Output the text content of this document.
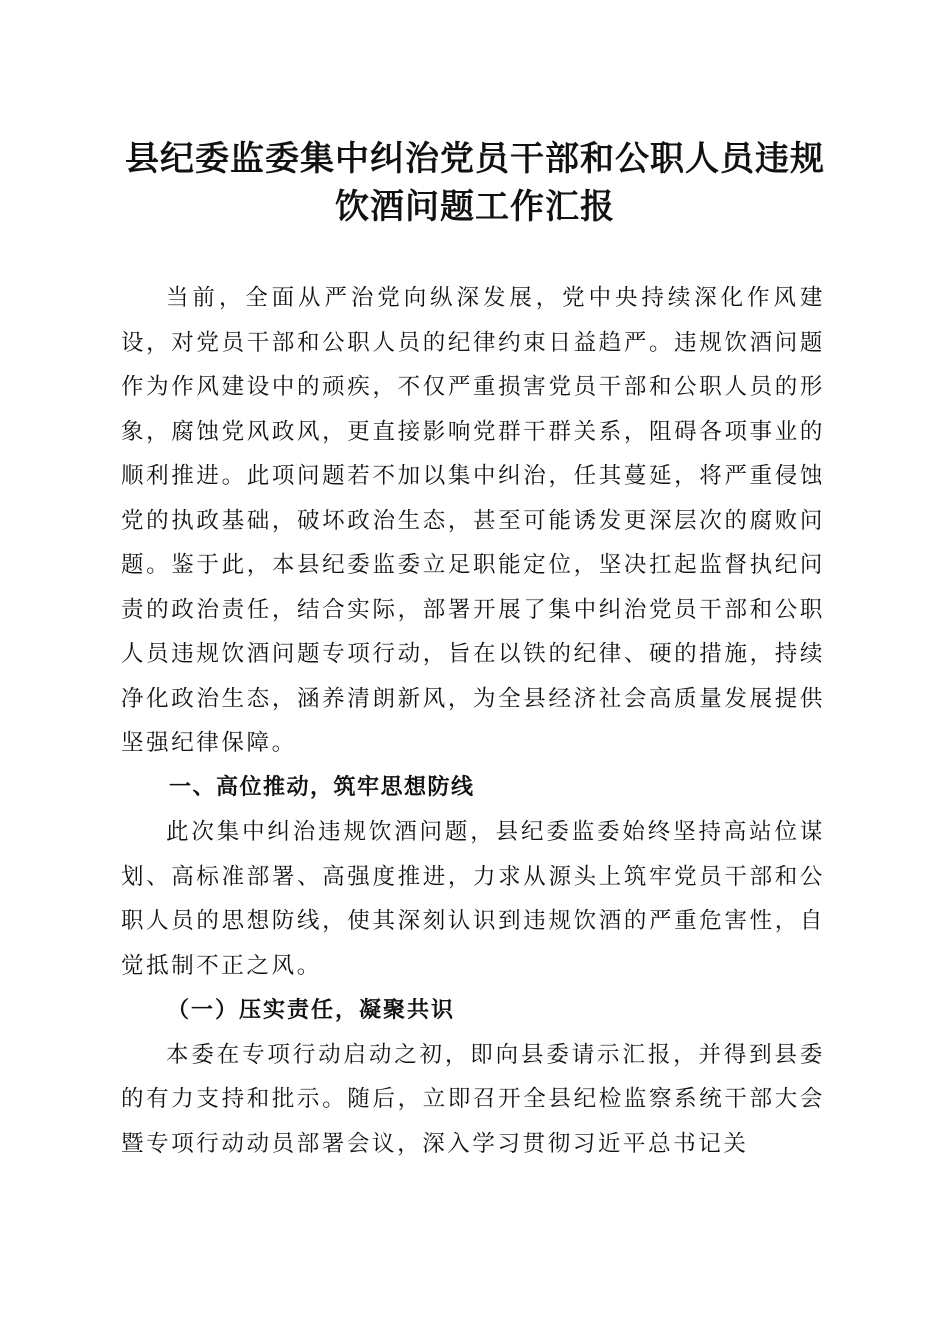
县纪委监委集中纠治党员干部和公职人员违规
饮酒问题工作汇报

当前，全面从严治党向纵深发展，党中央持续深化作风建设，对党员干部和公职人员的纪律约束日益趋严。违规饮酒问题作为作风建设中的顽疾，不仅严重损害党员干部和公职人员的形象，腐蚀党风政风，更直接影响党群干群关系，阻碍各项事业的顺利推进。此项问题若不加以集中纠治，任其蔓延，将严重侵蚀党的执政基础，破坏政治生态，甚至可能诱发更深层次的腐败问题。鉴于此，本县纪委监委立足职能定位，坚决扛起监督执纪问责的政治责任，结合实际，部署开展了集中纠治党员干部和公职人员违规饮酒问题专项行动，旨在以铁的纪律、硬的措施，持续净化政治生态，涵养清朗新风，为全县经济社会高质量发展提供坚强纪律保障。

一、高位推动，筑牢思想防线

此次集中纠治违规饮酒问题，县纪委监委始终坚持高站位谋划、高标准部署、高强度推进，力求从源头上筑牢党员干部和公职人员的思想防线，使其深刻认识到违规饮酒的严重危害性，自觉抵制不正之风。

（一）压实责任，凝聚共识

本委在专项行动启动之初，即向县委请示汇报，并得到县委的有力支持和批示。随后，立即召开全县纪检监察系统干部大会暨专项行动动员部署会议，深入学习贯彻习近平总书记关
